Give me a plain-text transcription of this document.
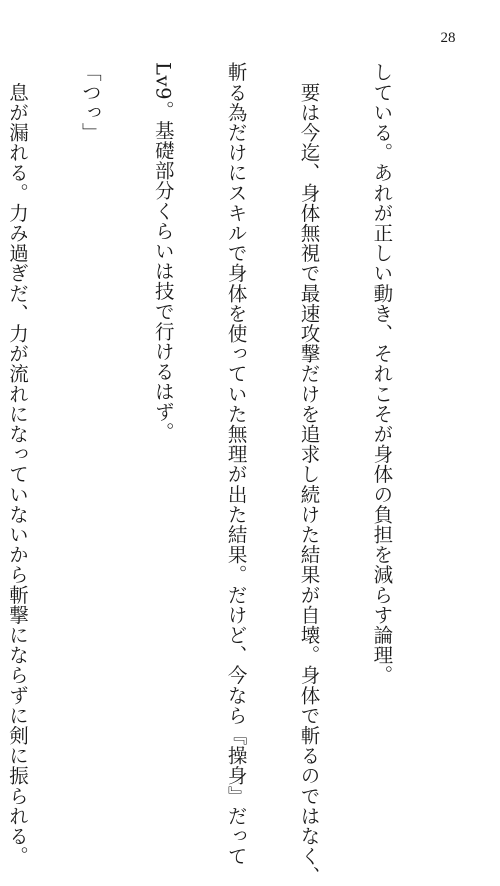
28

している。あれが正しい動き、それこそが身体の負担を減らす論理。

　要は今迄、身体無視で最速攻撃だけを追求し続けた結果が自壊。身体で斬るのではなく、

斬る為だけにスキルで身体を使っていた無理が出た結果。だけど、今なら『操身』だって

Lv9。基礎部分くらいは技で行けるはず。

「つっ」

　息が漏れる。力み過ぎだ、力が流れになっていないから斬撃にならずに剣に振られる。
